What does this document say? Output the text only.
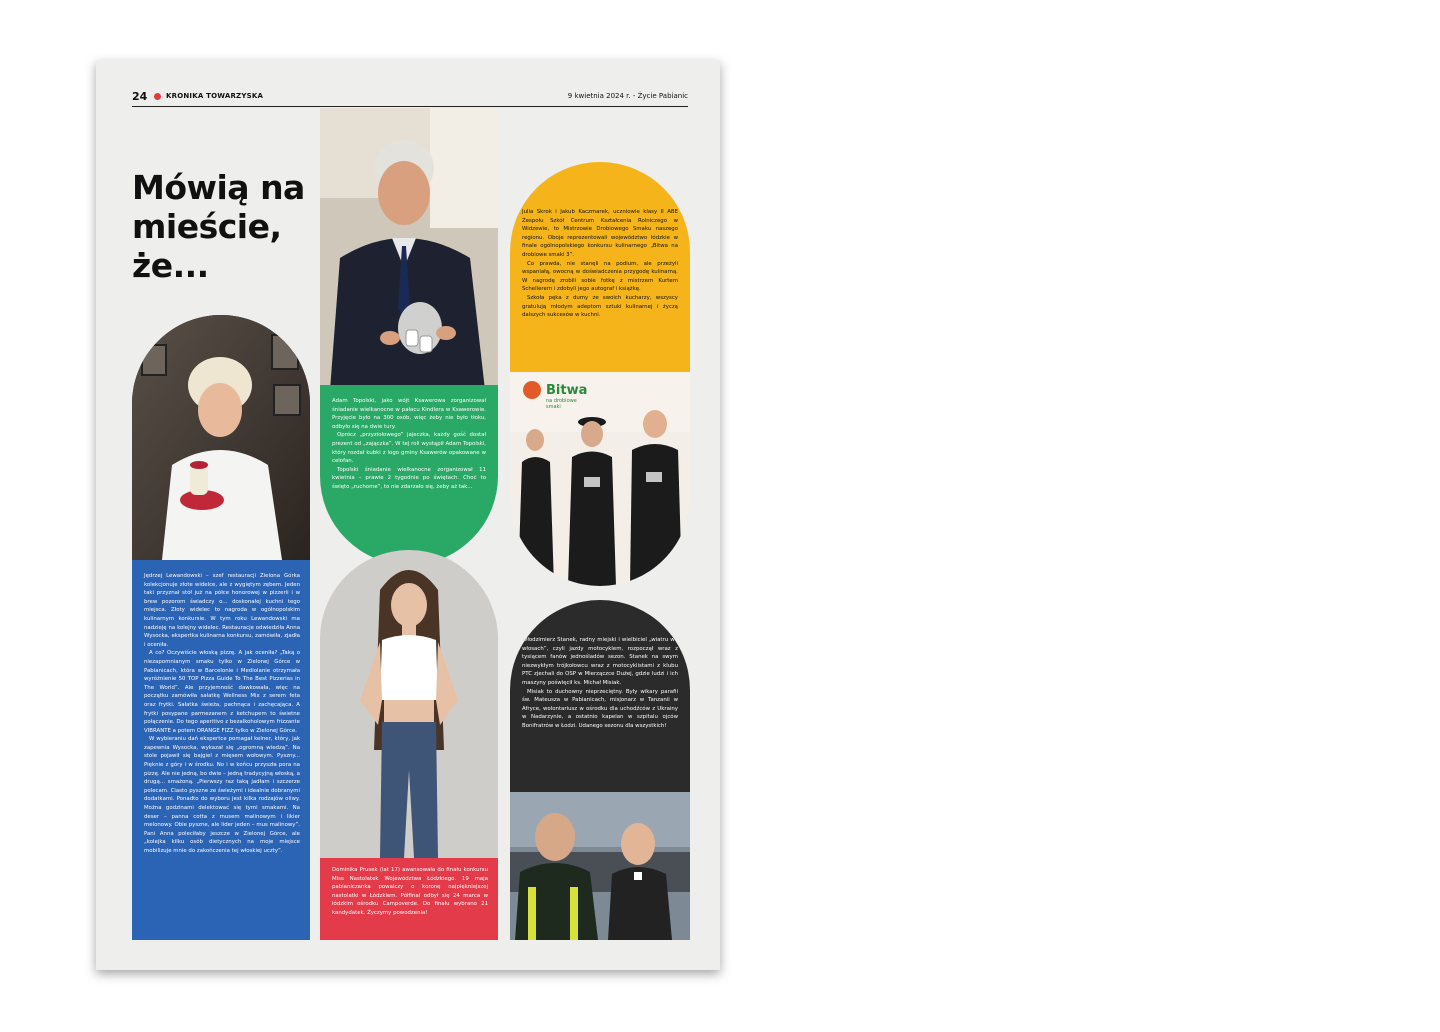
24	KRONIKA TOWARZYSKA	9 kwietnia 2024 r. - Życie Pabianic
Mówią na
mieście,
że...

Jędrzej Lewandowski – szef restauracji Zielona Górka kolekcjonuje złote widelce, ale z wygiętym zębem. Jeden taki przyznał stół już na półce honorowej w pizzerii i w brew pozorom świadczy o... doskonałej kuchni tego miejsca. Złoty widelec to nagroda w ogólnopolskim kulinarnym konkursie. W tym roku Lewandowski ma nadzieję na kolejny widelec. Restauracje odwiedziła Anna Wysocka, ekspertka kulinarna konkursu, zamówiła, zjadła i oceniła.

A co? Oczywiście włoską pizzę. A jak oceniła? „Taką o niezapomnianym smaku tylko w Zielonej Górce w Pabianicach, która w Barcelonie i Mediolanie otrzymała wyróżnienie 50 TOP Pizza Guide To The Best Pizzerias in The World”. Ale przyjemność dawkowała, więc na początku zamówiła sałatkę Wellness Mix z serem feta oraz frytki. Sałatka świeża, pachnąca i zachęcająca. A frytki posypane parmezanem z ketchupem to świetne połączenie. Do tego aperitivo z bezalkoholowym frizzante VIBRANTE a potem ORANGE FIZZ tylko w Zielonej Górce.

W wybieraniu dań ekspertce pomagał kelner, który, jak zapewnia Wysocka, wykazał się „ogromną wiedzą”. Na stole pojawił się bajgiel z mięsem wołowym. Pyszny... Pięknie z góry i w środku. No i w końcu przyszła pora na pizzę. Ale nie jedną, bo dwie – jedną tradycyjną włoską, a drugą... smażoną. „Pierwszy raz taką jadłam i szczerze polecam. Ciasto pyszne ze świeżymi i idealnie dobranymi dodatkami. Ponadto do wyboru jest kilka rodzajów oliwy. Można godzinami delektować się tymi smakami. Na deser – panna cotta z musem malinowym i likier melonowy. Obie pyszne, ale lider jeden – mus malinowy”. Pani Anna poleciłaby jeszcze w Zielonej Górce, ale „kolejka kilku osób dietycznych na moje miejsce mobilizuje mnie do zakończenia tej włoskiej uczty”.

Adam Topolski, jako wójt Ksawerowa zorganizował śniadanie wielkanocne w pałacu Kindlera w Ksawerowie. Przyjęcie było na 300 osób, więc żeby nie było tłoku, odbyło się na dwie tury.

Oprócz „przyziołowego” jajeczka, każdy gość dostał prezent od „zajączka”. W tej roli wystąpił Adam Topolski, który rozdał kubki z logo gminy Ksawerów opakowane w celofan.

Topolski śniadanie wielkanocne zorganizował 11 kwietnia – prawie 2 tygodnie po świętach. Choć to święto „ruchome”, to nie zdarzało się, żeby aż tak...

Dominika Prusek (lat 17) awansowała do finału konkursu Miss Nastolatek Województwa Łódzkiego. 19 maja pabianiczanka powalczy o koronę najpiękniejszej nastolatki w Łódzkiem. Półfinał odbył się 24 marca w łódzkim ośrodku Campoverde. Do finału wybrano 21 kandydatek. Życzymy powodzenia!

Julia Skrok i Jakub Kaczmarek, uczniowie klasy II ABE Zespołu Szkół Centrum Kształcenia Rolniczego w Widzewie, to Mistrzowie Drobiowego Smaku naszego regionu. Oboje reprezentowali województwo łódzkie w finale ogólnopolskiego konkursu kulinarnego „Bitwa na drobiowe smaki 3”.

Co prawda, nie stanęli na podium, ale przeżyli wspaniałą, owocną w doświadczenia przygodę kulinarną. W nagrodę zrobili sobie fotkę z mistrzem Kurtem Schellerem i zdobyli jego autograf i książkę.

Szkoła pęka z dumy ze swoich kucharzy, wszyscy gratulują młodym adeptom sztuki kulinarnej i życzą dalszych sukcesów w kuchni.

Bitwa
na drobiowe
smaki

Włodzimierz Stanek, radny miejski i wielbiciel „wiatru we włosach”, czyli jazdy motocyklem, rozpoczął wraz z tysiącem fanów jednośladów sezon. Stanek na swym niezwykłym trójkołowcu wraz z motocyklistami z klubu PTC zjechali do OSP w Mierzączce Dużej, gdzie ludzi i ich maszyny poświęcił ks. Michał Misiak.

Misiak to duchowny nieprzeciętny. Były wikary parafii św. Mateusza w Pabianicach, misjonarz w Tanzanii w Afryce, wolontariusz w ośrodku dla uchodźców z Ukrainy w Nadarzynie, a ostatnio kapelan w szpitalu ojców Bonifratrów w Łodzi. Udanego sezonu dla wszystkich!
